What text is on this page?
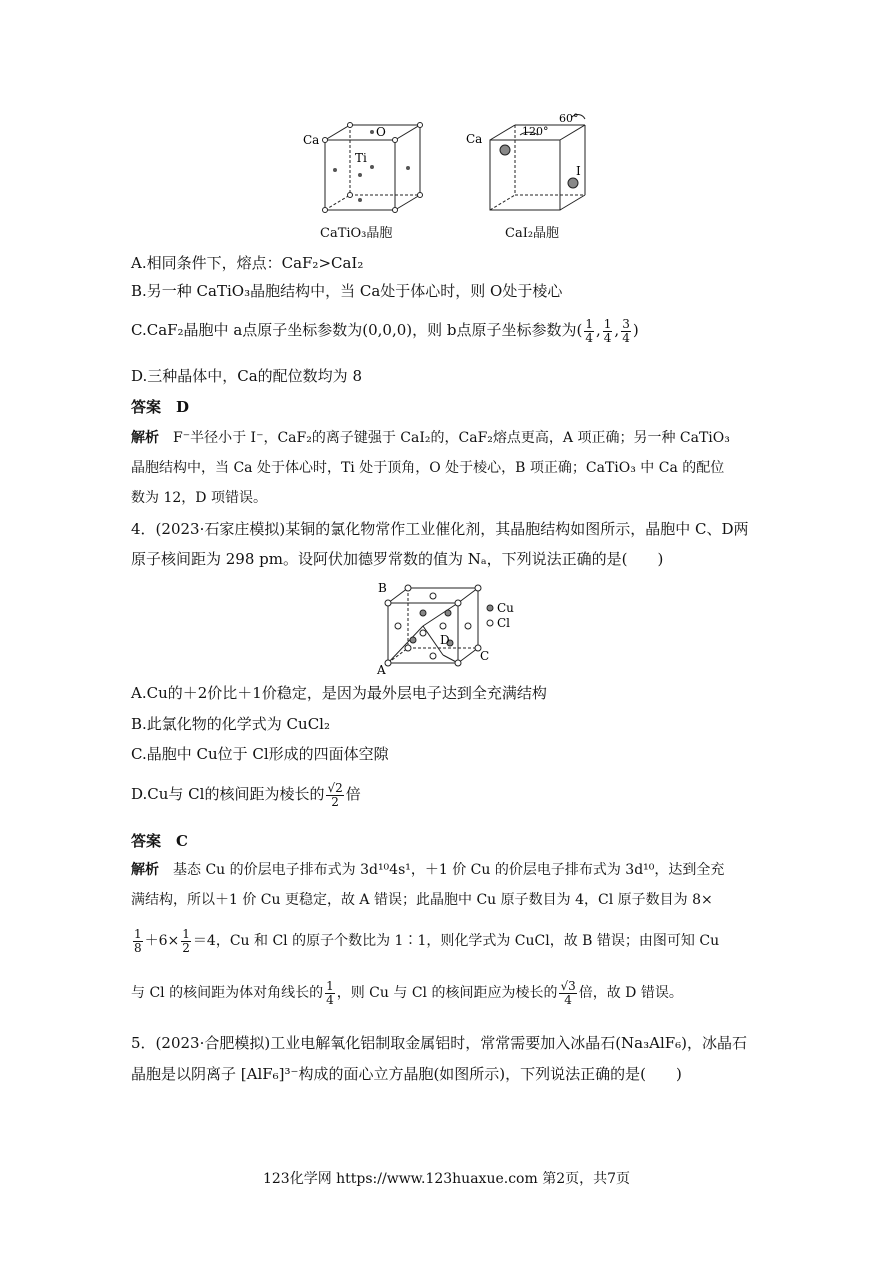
Ca
O
Ti
CaTiO₃晶胞
Ca
I
60°
120°
CaI₂晶胞
A.相同条件下，熔点：CaF₂>CaI₂
B.另一种 CaTiO₃晶胞结构中，当 Ca处于体心时，则 O处于棱心
C.CaF₂晶胞中 a点原子坐标参数为(0,0,0)，则 b点原子坐标参数为( $\frac{1}{4}$ , $\frac{1}{4}$ , $\frac{3}{4}$ )
D.三种晶体中，Ca的配位数均为 8
答案　 D
解析　 F⁻半径小于 I⁻，CaF₂的离子键强于 CaI₂的，CaF₂熔点更高，A 项正确；另一种 CaTiO₃
晶胞结构中，当 Ca 处于体心时，Ti 处于顶角，O 处于棱心，B 项正确；CaTiO₃ 中 Ca 的配位
数为 12，D 项错误。
4．(2023·石家庄模拟)某铜的氯化物常作工业催化剂，其晶胞结构如图所示，晶胞中 C、D两
原子核间距为 298 pm。设阿伏加德罗常数的值为 Nₐ，下列说法正确的是(　　)
B
A
C
D
Cu
Cl
A.Cu的＋2价比＋1价稳定，是因为最外层电子达到全充满结构
B.此氯化物的化学式为 CuCl₂
C.晶胞中 Cu位于 Cl形成的四面体空隙
D.Cu与 Cl的核间距为棱长的 $\frac{√2}{2}$ 倍
答案　 C
解析　 基态 Cu 的价层电子排布式为 3d¹⁰4s¹，＋1 价 Cu 的价层电子排布式为 3d¹⁰，达到全充
满结构，所以＋1 价 Cu 更稳定，故 A 错误；此晶胞中 Cu 原子数目为 4，Cl 原子数目为 8×
$\frac{1}{8} +6\times \frac{1}{2} =4$，Cu 和 Cl 的原子个数比为 1∶1，则化学式为 CuCl，故 B 错误；由图可知 Cu
与 Cl 的核间距为体对角线长的 $\frac{1}{4}$ ，则 Cu 与 Cl 的核间距应为棱长的 $\frac{√3}{4}$ 倍，故 D 错误。
5．(2023·合肥模拟)工业电解氧化铝制取金属铝时，常常需要加入冰晶石(Na₃AlF₆)，冰晶石
晶胞是以阴离子 [AlF₆]³⁻构成的面心立方晶胞(如图所示)，下列说法正确的是(　　)
123化学网 https://www.123huaxue.com 第2页，共7页
